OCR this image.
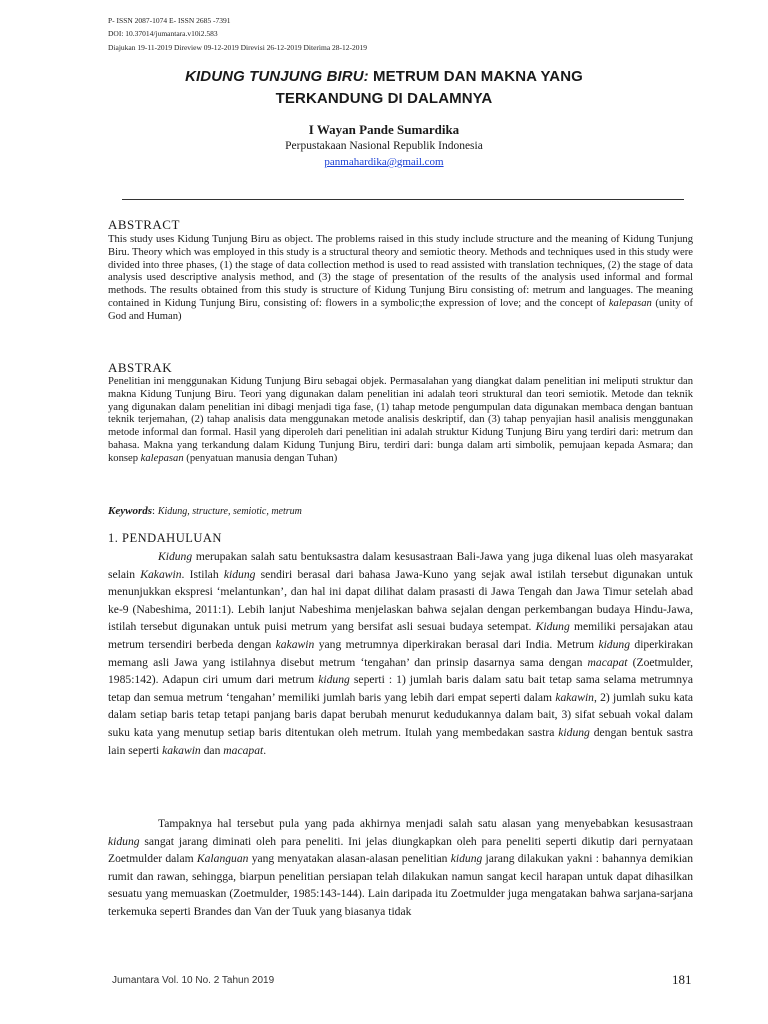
P- ISSN 2087-1074 E- ISSN 2685 -7391
DOI: 10.37014/jumantara.v10i2.583
Diajukan 19-11-2019 Direview 09-12-2019 Direvisi 26-12-2019 Diterima 28-12-2019
KIDUNG TUNJUNG BIRU: METRUM DAN MAKNA YANG
TERKANDUNG DI DALAMNYA
I Wayan Pande Sumardika
Perpustakaan Nasional Republik Indonesia
panmahardika@gmail.com
ABSTRACT
This study uses Kidung Tunjung Biru as object. The problems raised in this study include structure and the meaning of Kidung Tunjung Biru. Theory which was employed in this study is a structural theory and semiotic theory. Methods and techniques used in this study were divided into three phases, (1) the stage of data collection method is used to read assisted with translation techniques, (2) the stage of data analysis used descriptive analysis method, and (3) the stage of presentation of the results of the analysis used informal and formal methods. The results obtained from this study is structure of Kidung Tunjung Biru consisting of: metrum and languages. The meaning contained in Kidung Tunjung Biru, consisting of: flowers in a symbolic;the expression of love; and the concept of kalepasan (unity of God and Human)
ABSTRAK
Penelitian ini menggunakan Kidung Tunjung Biru sebagai objek. Permasalahan yang diangkat dalam penelitian ini meliputi struktur dan makna Kidung Tunjung Biru. Teori yang digunakan dalam penelitian ini adalah teori struktural dan teori semiotik. Metode dan teknik yang digunakan dalam penelitian ini dibagi menjadi tiga fase, (1) tahap metode pengumpulan data digunakan membaca dengan bantuan teknik terjemahan, (2) tahap analisis data menggunakan metode analisis deskriptif, dan (3) tahap penyajian hasil analisis menggunakan metode informal dan formal. Hasil yang diperoleh dari penelitian ini adalah struktur Kidung Tunjung Biru yang terdiri dari: metrum dan bahasa. Makna yang terkandung dalam Kidung Tunjung Biru, terdiri dari: bunga dalam arti simbolik, pemujaan kepada Asmara; dan konsep kalepasan (penyatuan manusia dengan Tuhan)
Keywords: Kidung, structure, semiotic, metrum
1. PENDAHULUAN
Kidung merupakan salah satu bentuksastra dalam kesusastraan Bali-Jawa yang juga dikenal luas oleh masyarakat selain Kakawin. Istilah kidung sendiri berasal dari bahasa Jawa-Kuno yang sejak awal istilah tersebut digunakan untuk menunjukkan ekspresi ‘melantunkan’, dan hal ini dapat dilihat dalam prasasti di Jawa Tengah dan Jawa Timur setelah abad ke-9 (Nabeshima, 2011:1). Lebih lanjut Nabeshima menjelaskan bahwa sejalan dengan perkembangan budaya Hindu-Jawa, istilah tersebut digunakan untuk puisi metrum yang bersifat asli sesuai budaya setempat. Kidung memiliki persajakan atau metrum tersendiri berbeda dengan kakawin yang metrumnya diperkirakan berasal dari India. Metrum kidung diperkirakan memang asli Jawa yang istilahnya disebut metrum ‘tengahan’ dan prinsip dasarnya sama dengan macapat (Zoetmulder, 1985:142). Adapun ciri umum dari metrum kidung seperti : 1) jumlah baris dalam satu bait tetap sama selama metrumnya tetap dan semua metrum ‘tengahan’ memiliki jumlah baris yang lebih dari empat seperti dalam kakawin, 2) jumlah suku kata dalam setiap baris tetap tetapi panjang baris dapat berubah menurut kedudukannya dalam bait, 3) sifat sebuah vokal dalam suku kata yang menutup setiap baris ditentukan oleh metrum. Itulah yang membedakan sastra kidung dengan bentuk sastra lain seperti kakawin dan macapat.
Tampaknya hal tersebut pula yang pada akhirnya menjadi salah satu alasan yang menyebabkan kesusastraan kidung sangat jarang diminati oleh para peneliti. Ini jelas diungkapkan oleh para peneliti seperti dikutip dari pernyataan Zoetmulder dalam Kalanguan yang menyatakan alasan-alasan penelitian kidung jarang dilakukan yakni : bahannya demikian rumit dan rawan, sehingga, biarpun penelitian persiapan telah dilakukan namun sangat kecil harapan untuk dapat dihasilkan sesuatu yang memuaskan (Zoetmulder, 1985:143-144). Lain daripada itu Zoetmulder juga mengatakan bahwa sarjana-sarjana terkemuka seperti Brandes dan Van der Tuuk yang biasanya tidak
Jumantara Vol. 10 No. 2 Tahun 2019	181
